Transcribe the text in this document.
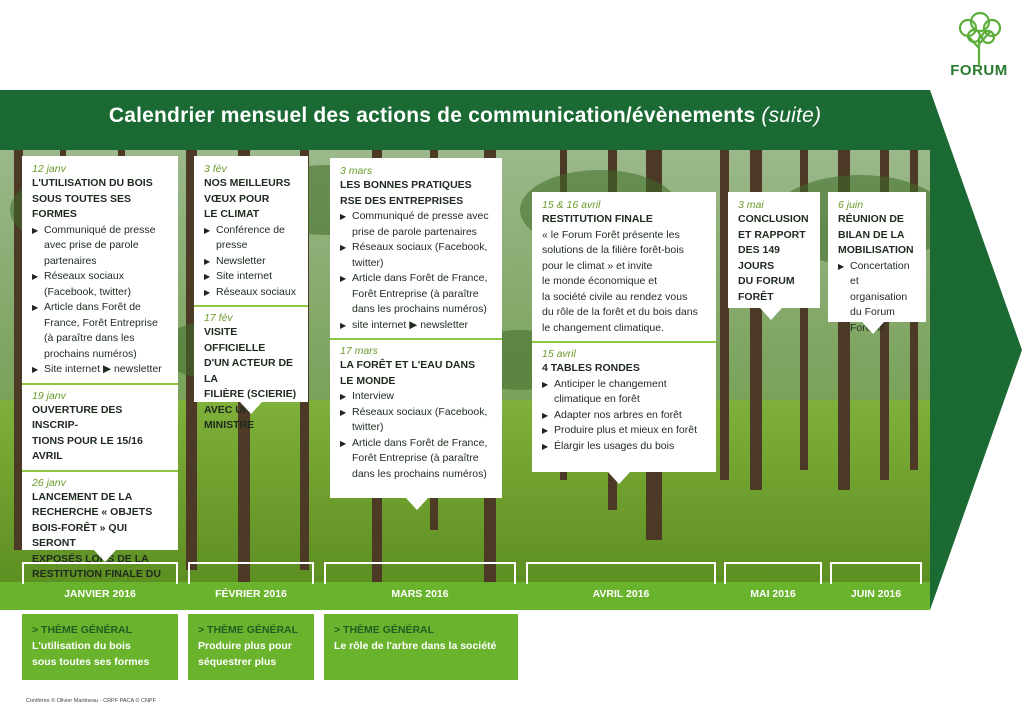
Calendrier mensuel des actions de communication/évènements (suite)
FORUM
12 janv
L'UTILISATION DU BOIS
SOUS TOUTES SES FORMES
▶ Communiqué de presse avec prise de parole partenaires
▶ Réseaux sociaux (Facebook, twitter)
▶ Article dans Forêt de France, Forêt Entreprise (à paraître dans les prochains numéros)
▶ Site internet ▶ newsletter
19 janv
OUVERTURE DES INSCRIP-
TIONS POUR LE 15/16 AVRIL
26 janv
LANCEMENT DE LA
RECHERCHE « OBJETS
BOIS-FORÊT » QUI SERONT
EXPOSÉS LORS DE LA
RESTITUTION FINALE DU
3 fév
NOS MEILLEURS
VŒUX POUR
LE CLIMAT
▶ Conférence de presse
▶ Newsletter
▶ Site internet
▶ Réseaux sociaux
17 fév
VISITE OFFICIELLE
D'UN ACTEUR DE LA
FILIÈRE (SCIERIE)
AVEC UN MINISTRE
3 mars
LES BONNES PRATIQUES
RSE DES ENTREPRISES
▶ Communiqué de presse avec prise de parole partenaires
▶ Réseaux sociaux (Facebook, twitter)
▶ Article dans Forêt de France, Forêt Entreprise (à paraître dans les prochains numéros)
▶ site internet ▶ newsletter
17 mars
LA FORÊT ET L'EAU DANS
LE MONDE
▶ Interview
▶ Réseaux sociaux (Facebook, twitter)
▶ Article dans Forêt de France, Forêt Entreprise (à paraître dans les prochains numéros)
15 & 16 avril
RESTITUTION FINALE
« le Forum Forêt présente les
solutions de la filière forêt-bois
pour le climat » et invite
le monde économique et
la société civile au rendez vous
du rôle de la forêt et du bois dans
le changement climatique.
15 avril
4 TABLES RONDES
▶ Anticiper le changement climatique en forêt
▶ Adapter nos arbres en forêt
▶ Produire plus et mieux en forêt
▶ Élargir les usages du bois
3 mai
CONCLUSION
ET RAPPORT
DES 149 JOURS
DU FORUM
FORÊT
6 juin
RÉUNION DE
BILAN DE LA
MOBILISATION
▶ Concertation et organisation du Forum Forêt II
JANVIER 2016	FÉVRIER 2016	MARS 2016	AVRIL 2016	MAI 2016	JUIN 2016
> THÈME GÉNÉRAL
L'utilisation du bois
sous toutes ses formes
> THÈME GÉNÉRAL
Produire plus pour
séquestrer plus
> THÈME GÉNÉRAL
Le rôle de l'arbre dans la société
Conifères © Olivier Martineau - CRPF PACA © CNPF
